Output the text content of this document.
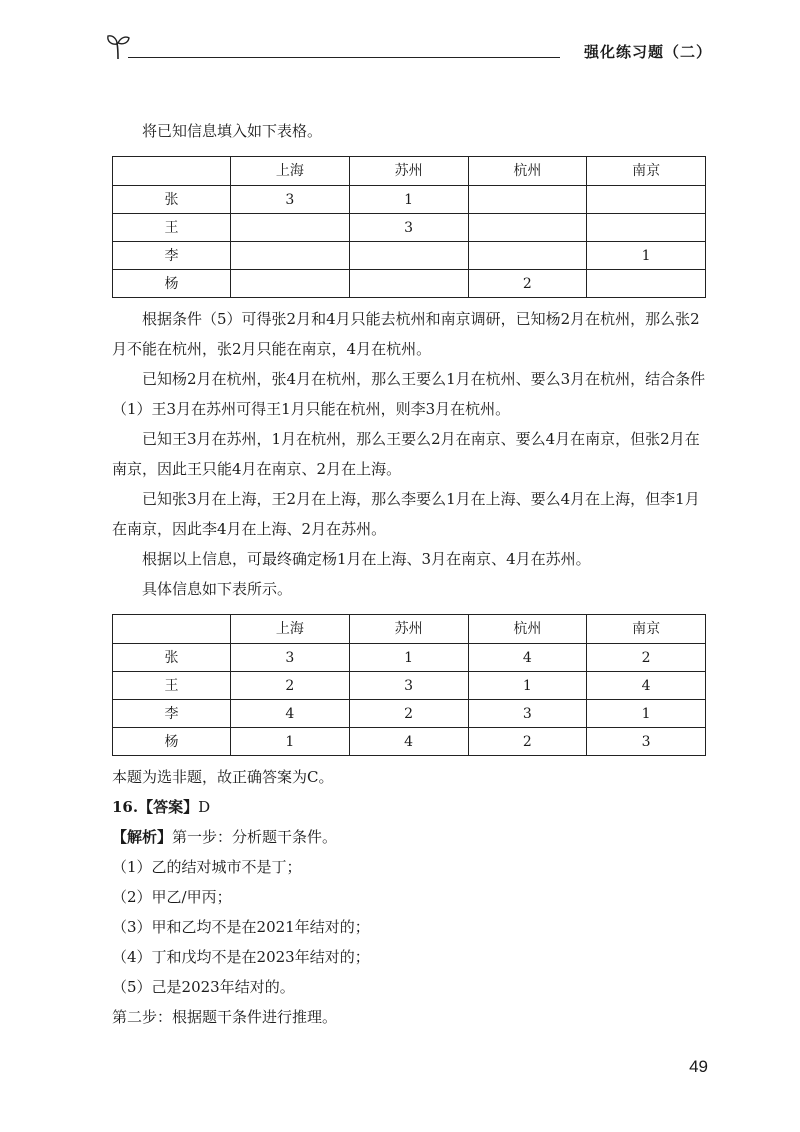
强化练习题（二）

将已知信息填入如下表格。

	上海	苏州	杭州	南京
张	3	1		
王		3		
李				1
杨			2	

根据条件（5）可得张2月和4月只能去杭州和南京调研，已知杨2月在杭州，那么张2月不能在杭州，张2月只能在南京，4月在杭州。

已知杨2月在杭州，张4月在杭州，那么王要么1月在杭州、要么3月在杭州，结合条件（1）王3月在苏州可得王1月只能在杭州，则李3月在杭州。

已知王3月在苏州，1月在杭州，那么王要么2月在南京、要么4月在南京，但张2月在南京，因此王只能4月在南京、2月在上海。

已知张3月在上海，王2月在上海，那么李要么1月在上海、要么4月在上海，但李1月在南京，因此李4月在上海、2月在苏州。

根据以上信息，可最终确定杨1月在上海、3月在南京、4月在苏州。

具体信息如下表所示。

	上海	苏州	杭州	南京
张	3	1	4	2
王	2	3	1	4
李	4	2	3	1
杨	1	4	2	3

本题为选非题，故正确答案为C。

16.【答案】D

【解析】第一步：分析题干条件。

（1）乙的结对城市不是丁；

（2）甲乙/甲丙；

（3）甲和乙均不是在2021年结对的；

（4）丁和戊均不是在2023年结对的；

（5）己是2023年结对的。

第二步：根据题干条件进行推理。

49
